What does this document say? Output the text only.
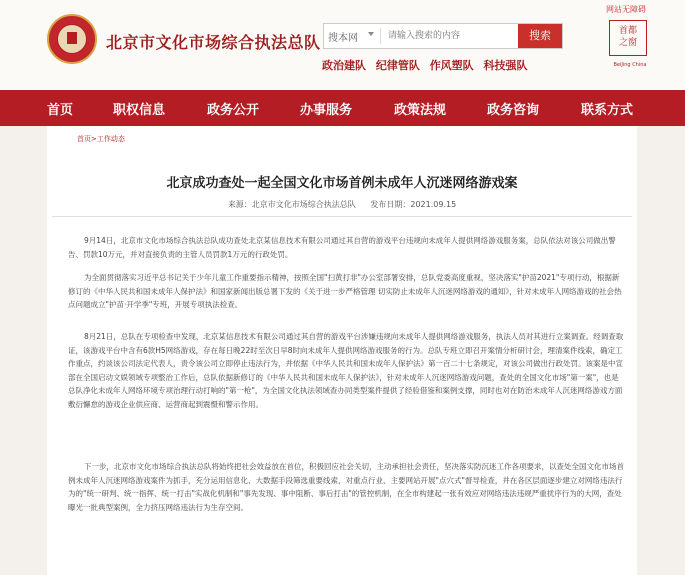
北京市文化市场综合执法总队 搜本网
请输入搜索的内容	搜索
政治建队 纪律管队 作风塑队 科技强队
网站无障碍
首都
之窗
BeiJing China
首页	职权信息	政务公开	办事服务	政策法规	政务咨询	联系方式
首页>工作动态
北京成功查处一起全国文化市场首例未成年人沉迷网络游戏案
来源：北京市文化市场综合执法总队 发布日期：2021.09.15

9月14日，北京市文化市场综合执法总队成功查处北京某信息技术有限公司通过其自营的游戏平台违规向未成年人提供网络游戏服务案，总队依法对该公司做出警告、罚款10万元，并对直接负责的主管人员罚款1万元的行政处罚。

为全面贯彻落实习近平总书记关于少年儿童工作重要指示精神，按照全国"扫黄打非"办公室部署安排，总队党委高度重视，坚决落实"护苗2021"专项行动，根据新修订的《中华人民共和国未成年人保护法》和国家新闻出版总署下发的《关于进一步严格管理 切实防止未成年人沉迷网络游戏的通知》，针对未成年人网络游戏的社会热点问题成立"护苗·开学季"专班，开展专项执法检查。

8月21日，总队在专项检查中发现，北京某信息技术有限公司通过其自营的游戏平台涉嫌违规向未成年人提供网络游戏服务，执法人员对其进行立案调查。经调查取证，该游戏平台中含有6款H5网络游戏，存在每日晚22时至次日早8时向未成年人提供网络游戏服务的行为。总队专班立即召开案情分析研讨会，理清案件线索，确定工作重点，约谈该公司法定代表人，责令该公司立即停止违法行为，并依据《中华人民共和国未成年人保护法》第一百二十七条规定，对该公司做出行政处罚。该案是中宣部在全国启动文娱领域专项整治工作后，总队依据新修订的《中华人民共和国未成年人保护法》，针对未成年人沉迷网络游戏问题，查处的全国文化市场"第一案"，也是总队净化未成年人网络环境专项治理行动打响的"第一枪"，为全国文化执法领域查办同类型案件提供了经验借鉴和案例支撑，同时也对在防治未成年人沉迷网络游戏方面敷衍懈怠的游戏企业供应商、运营商起到震慑和警示作用。

下一步，北京市文化市场综合执法总队将始终把社会效益放在首位，积极回应社会关切，主动承担社会责任，坚决落实防沉迷工作各项要求，以查处全国文化市场首例未成年人沉迷网络游戏案件为抓手，充分运用信息化、大数据手段筛选重要线索，对重点行业、主要网站开展"点穴式"督导检查，并在各区层面逐步建立对网络违法行为的"统一研判、统一指挥、统一打击"实战化机制和"事先发现、事中阻断、事后打击"的管控机制，在全市构建起一张有效应对网络违法违规严重扰序行为的大网，查处曝光一批典型案例，全力挤压网络违法行为生存空间。
